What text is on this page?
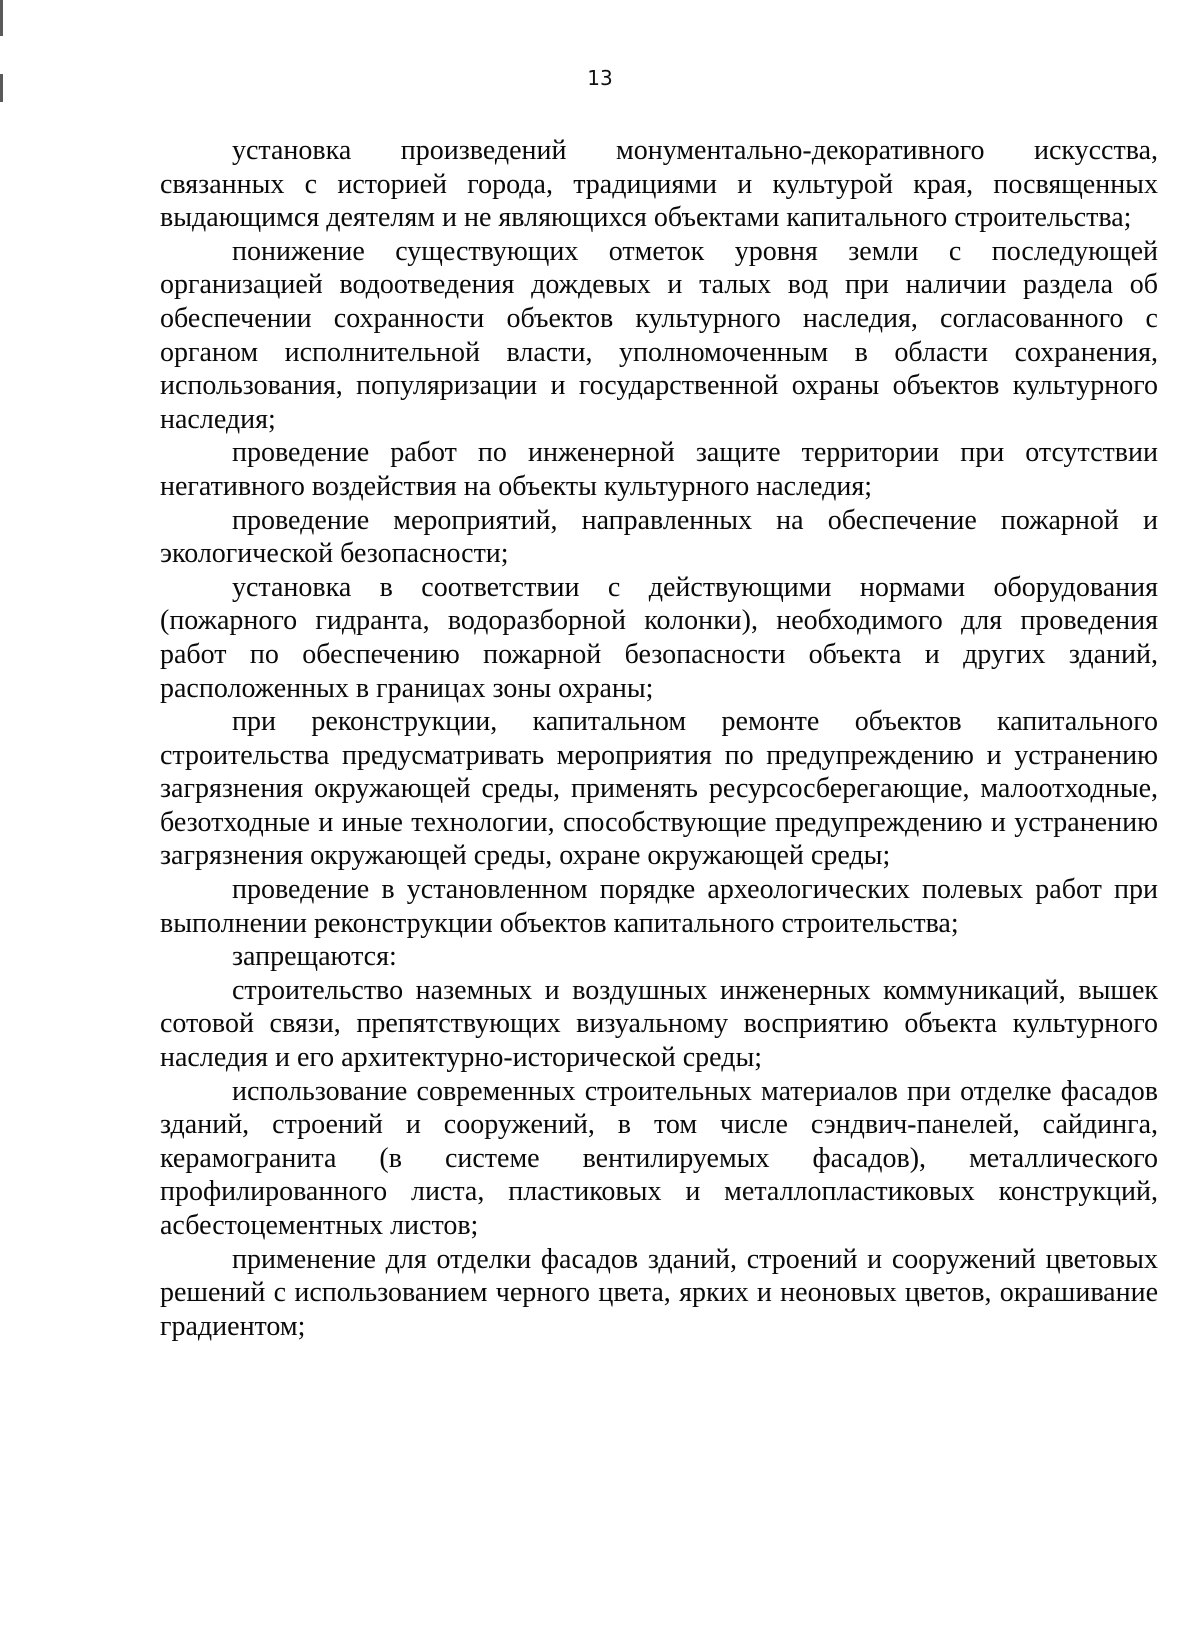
13

установка произведений монументально-декоративного искусства, связанных с историей города, традициями и культурой края, посвященных выдающимся деятелям и не являющихся объектами капитального строительства;

понижение существующих отметок уровня земли с последующей организацией водоотведения дождевых и талых вод при наличии раздела об обеспечении сохранности объектов культурного наследия, согласованного с органом исполнительной власти, уполномоченным в области сохранения, использования, популяризации и государственной охраны объектов культурного наследия;

проведение работ по инженерной защите территории при отсутствии негативного воздействия на объекты культурного наследия;

проведение мероприятий, направленных на обеспечение пожарной и экологической безопасности;

установка в соответствии с действующими нормами оборудования (пожарного гидранта, водоразборной колонки), необходимого для проведения работ по обеспечению пожарной безопасности объекта и других зданий, расположенных в границах зоны охраны;

при реконструкции, капитальном ремонте объектов капитального строительства предусматривать мероприятия по предупреждению и устранению загрязнения окружающей среды, применять ресурсосберегающие, малоотходные, безотходные и иные технологии, способствующие предупреждению и устранению загрязнения окружающей среды, охране окружающей среды;

проведение в установленном порядке археологических полевых работ при выполнении реконструкции объектов капитального строительства;

запрещаются:

строительство наземных и воздушных инженерных коммуникаций, вышек сотовой связи, препятствующих визуальному восприятию объекта культурного наследия и его архитектурно-исторической среды;

использование современных строительных материалов при отделке фасадов зданий, строений и сооружений, в том числе сэндвич-панелей, сайдинга, керамогранита (в системе вентилируемых фасадов), металлического профилированного листа, пластиковых и металлопластиковых конструкций, асбестоцементных листов;

применение для отделки фасадов зданий, строений и сооружений цветовых решений с использованием черного цвета, ярких и неоновых цветов, окрашивание градиентом;
